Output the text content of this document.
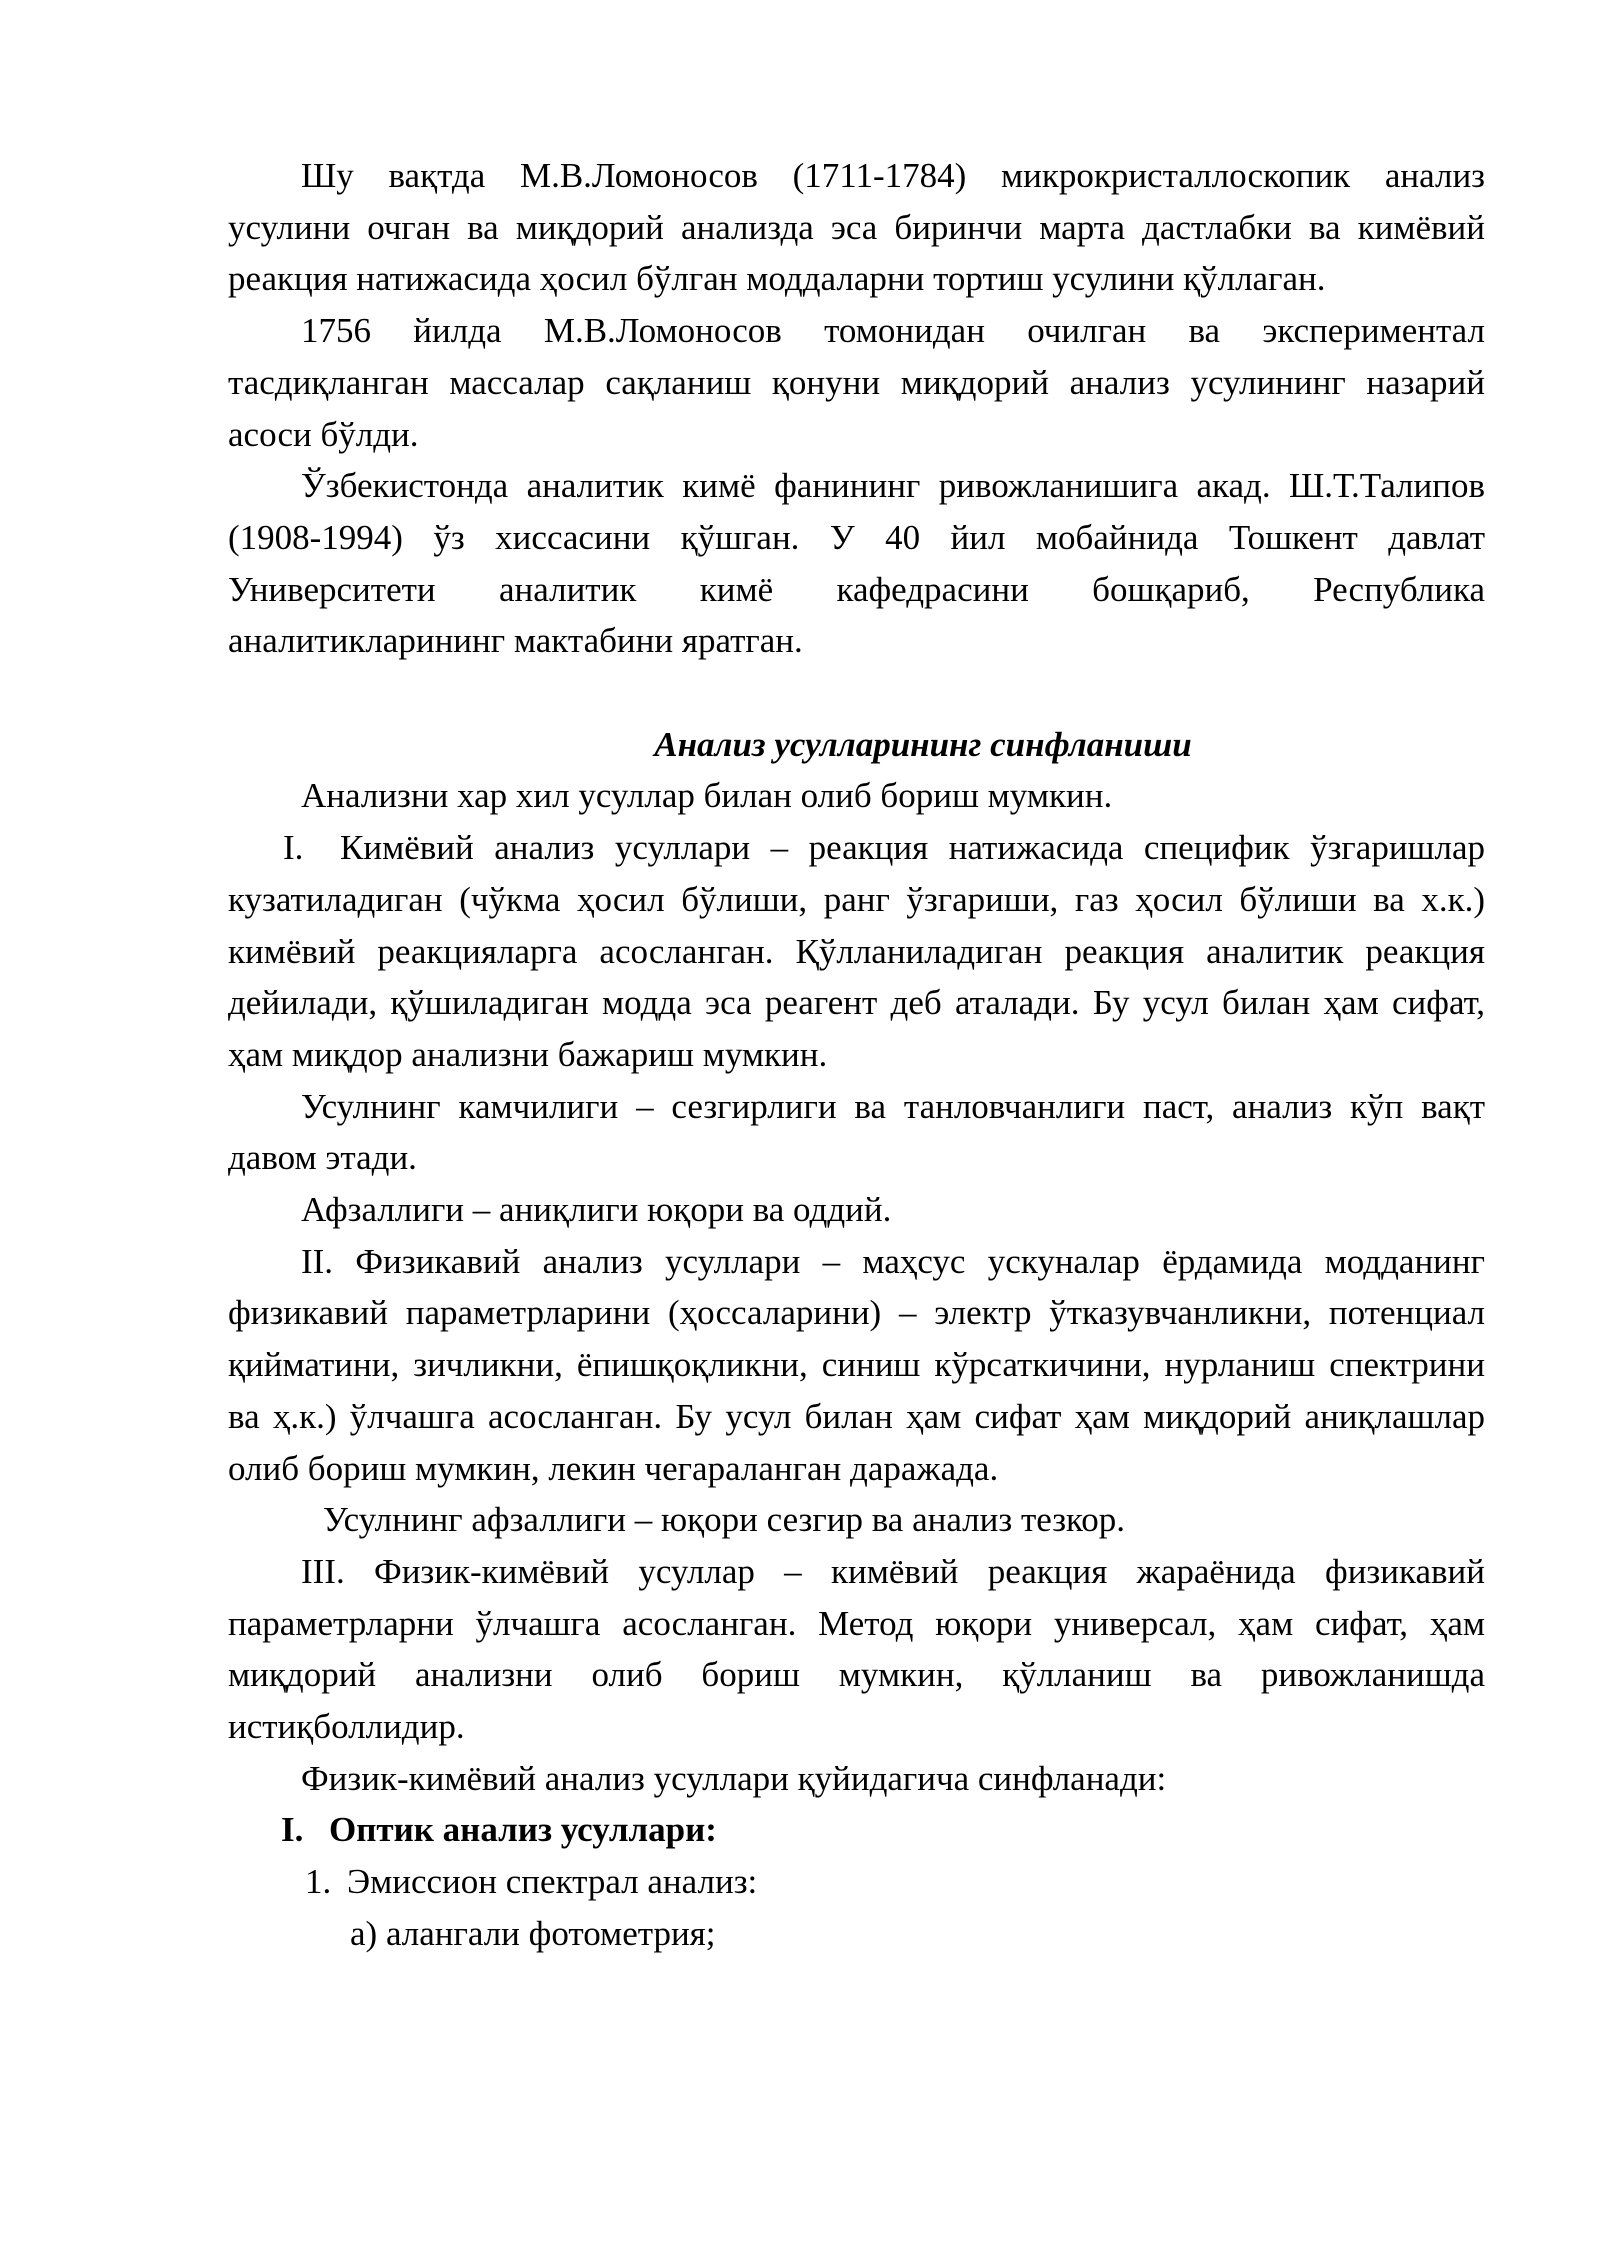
Шу вақтда М.В.Ломоносов (1711-1784) микрокристаллоскопик анализ усулини очган ва миқдорий анализда эса биринчи марта дастлабки ва кимёвий реакция натижасида ҳосил бўлган моддаларни тортиш усулини қўллаган.

1756 йилда М.В.Ломоносов томонидан очилган ва экспериментал тасдиқланган массалар сақланиш қонуни миқдорий анализ усулининг назарий асоси бўлди.

Ўзбекистонда аналитик кимё фанининг ривожланишига акад. Ш.Т.Талипов (1908-1994) ўз хиссасини қўшган. У 40 йил мобайнида Тошкент давлат Университети аналитик кимё кафедрасини бошқариб, Республика аналитикларининг мактабини яратган.

Анализ усулларининг синфланиши

Анализни хар хил усуллар билан олиб бориш мумкин.

I. Кимёвий анализ усуллари – реакция натижасида специфик ўзгаришлар кузатиладиган (чўкма ҳосил бўлиши, ранг ўзгариши, газ ҳосил бўлиши ва х.к.) кимёвий реакцияларга асосланган. Қўлланиладиган реакция аналитик реакция дейилади, қўшиладиган модда эса реагент деб аталади. Бу усул билан ҳам сифат, ҳам миқдор анализни бажариш мумкин.

Усулнинг камчилиги – сезгирлиги ва танловчанлиги паст, анализ кўп вақт давом этади.

Афзаллиги – аниқлиги юқори ва оддий.

II. Физикавий анализ усуллари – маҳсус ускуналар ёрдамида модданинг физикавий параметрларини (ҳоссаларини) – электр ўтказувчанликни, потенциал қийматини, зичликни, ёпишқоқликни, синиш кўрсаткичини, нурланиш спектрини ва ҳ.к.) ўлчашга асосланган. Бу усул билан ҳам сифат ҳам миқдорий аниқлашлар олиб бориш мумкин, лекин чегараланган даражада.

Усулнинг афзаллиги – юқори сезгир ва анализ тезкор.

III. Физик-кимёвий усуллар – кимёвий реакция жараёнида физикавий параметрларни ўлчашга асосланган. Метод юқори универсал, ҳам сифат, ҳам миқдорий анализни олиб бориш мумкин, қўлланиш ва ривожланишда истиқболлидир.

Физик-кимёвий анализ усуллари қуйидагича синфланади:

I. Оптик анализ усуллари:

1. Эмиссион спектрал анализ:

а) алангали фотометрия;
